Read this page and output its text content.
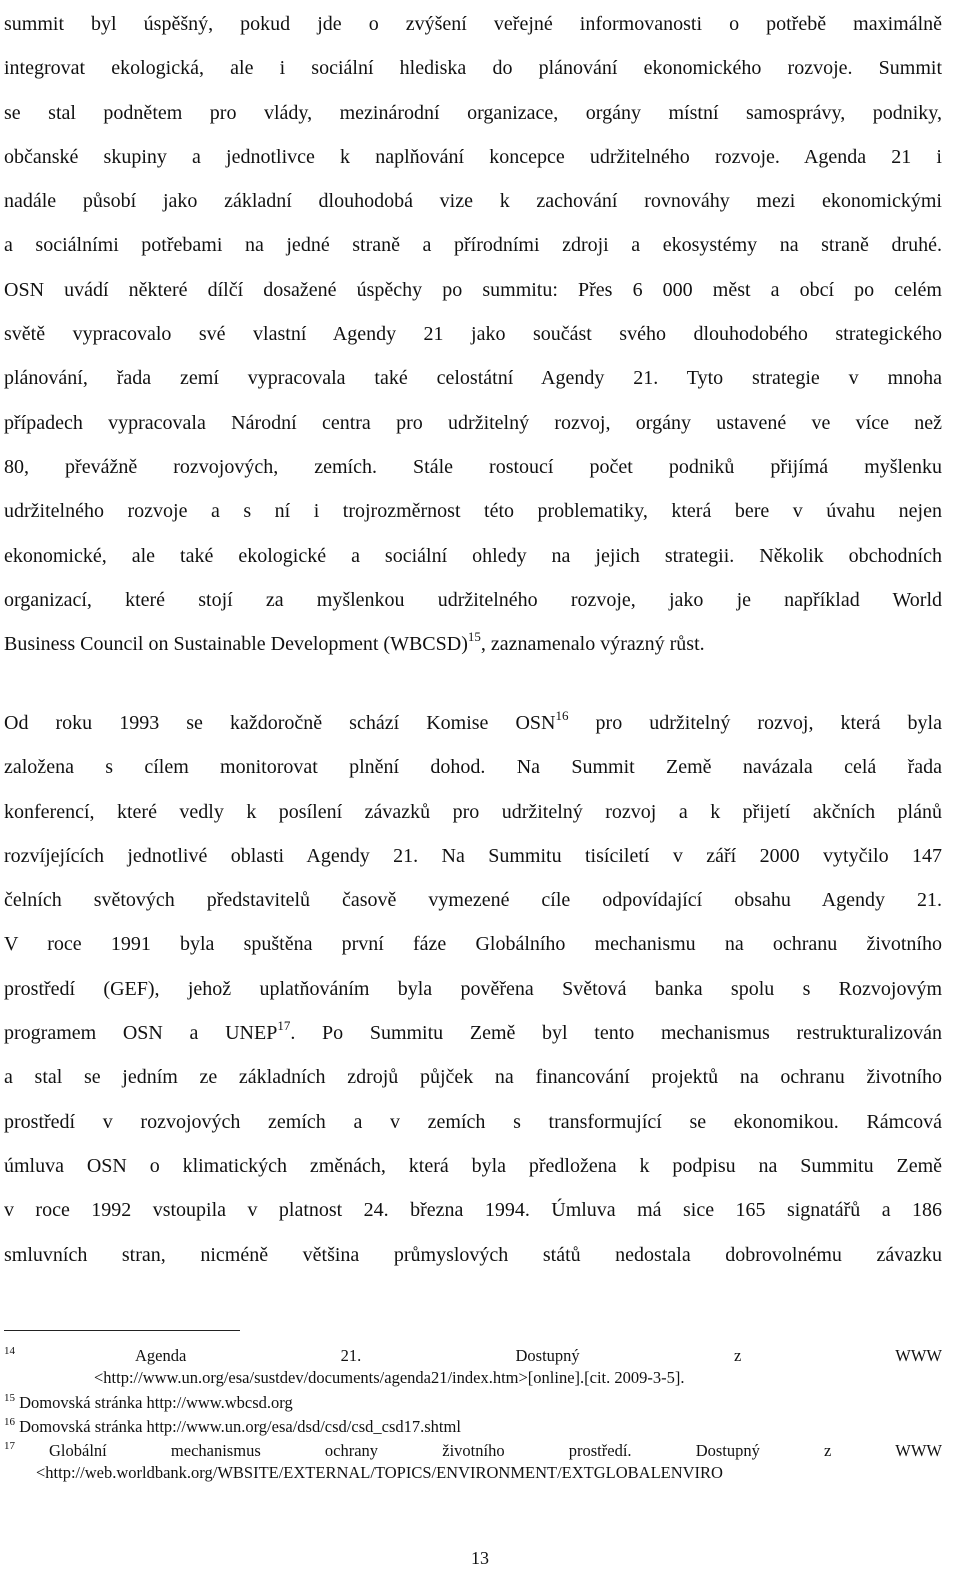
summit byl úspěšný, pokud jde o zvýšení veřejné informovanosti o potřebě maximálně
integrovat ekologická, ale i sociální hlediska do plánování ekonomického rozvoje. Summit
se stal podnětem pro vlády, mezinárodní organizace, orgány místní samosprávy, podniky,
občanské skupiny a jednotlivce k naplňování koncepce udržitelného rozvoje. Agenda 21 i
nadále působí jako základní dlouhodobá vize k zachování rovnováhy mezi ekonomickými
a sociálními potřebami na jedné straně a přírodními zdroji a ekosystémy na straně druhé.
OSN uvádí některé dílčí dosažené úspěchy po summitu: Přes 6 000 měst a obcí po celém
světě vypracovalo své vlastní Agendy 21 jako součást svého dlouhodobého strategického
plánování, řada zemí vypracovala také celostátní Agendy 21. Tyto strategie v mnoha
případech vypracovala Národní centra pro udržitelný rozvoj, orgány ustavené ve více než
80, převážně rozvojových, zemích. Stále rostoucí počet podniků přijímá myšlenku
udržitelného rozvoje a s ní i trojrozměrnost této problematiky, která bere v úvahu nejen
ekonomické, ale také ekologické a sociální ohledy na jejich strategii. Několik obchodních
organizací, které stojí za myšlenkou udržitelného rozvoje, jako je například World
Business Council on Sustainable Development (WBCSD)$^{15}$, zaznamenalo výrazný růst.
Od roku 1993 se každoročně schází Komise OSN$^{16}$ pro udržitelný rozvoj, která byla
založena s cílem monitorovat plnění dohod. Na Summit Země navázala celá řada
konferencí, které vedly k posílení závazků pro udržitelný rozvoj a k přijetí akčních plánů
rozvíjejících jednotlivé oblasti Agendy 21. Na Summitu tisíciletí v září 2000 vytyčilo 147
čelních světových představitelů časově vymezené cíle odpovídající obsahu Agendy 21.
V roce 1991 byla spuštěna první fáze Globálního mechanismu na ochranu životního
prostředí (GEF), jehož uplatňováním byla pověřena Světová banka spolu s Rozvojovým
programem OSN a UNEP$^{17}$. Po Summitu Země byl tento mechanismus restrukturalizován
a stal se jedním ze základních zdrojů půjček na financování projektů na ochranu životního
prostředí v rozvojových zemích a v zemích s transformující se ekonomikou. Rámcová
úmluva OSN o klimatických změnách, která byla předložena k podpisu na Summitu Země
v roce 1992 vstoupila v platnost 24. března 1994. Úmluva má sice 165 signatářů a 186
smluvních stran, nicméně většina průmyslových států nedostala dobrovolnému závazku
$^{14}$	Agenda 21. Dostupný z WWW
<http://www.un.org/esa/sustdev/documents/agenda21/index.htm>[online].[cit. 2009-3-5].
$^{15}$ Domovská stránka http://www.wbcsd.org
$^{16}$ Domovská stránka http://www.un.org/esa/dsd/csd/csd_csd17.shtml
$^{17}$ Globální mechanismus ochrany životního prostředí. Dostupný z WWW
<http://web.worldbank.org/WBSITE/EXTERNAL/TOPICS/ENVIRONMENT/EXTGLOBALENVIRO
13
